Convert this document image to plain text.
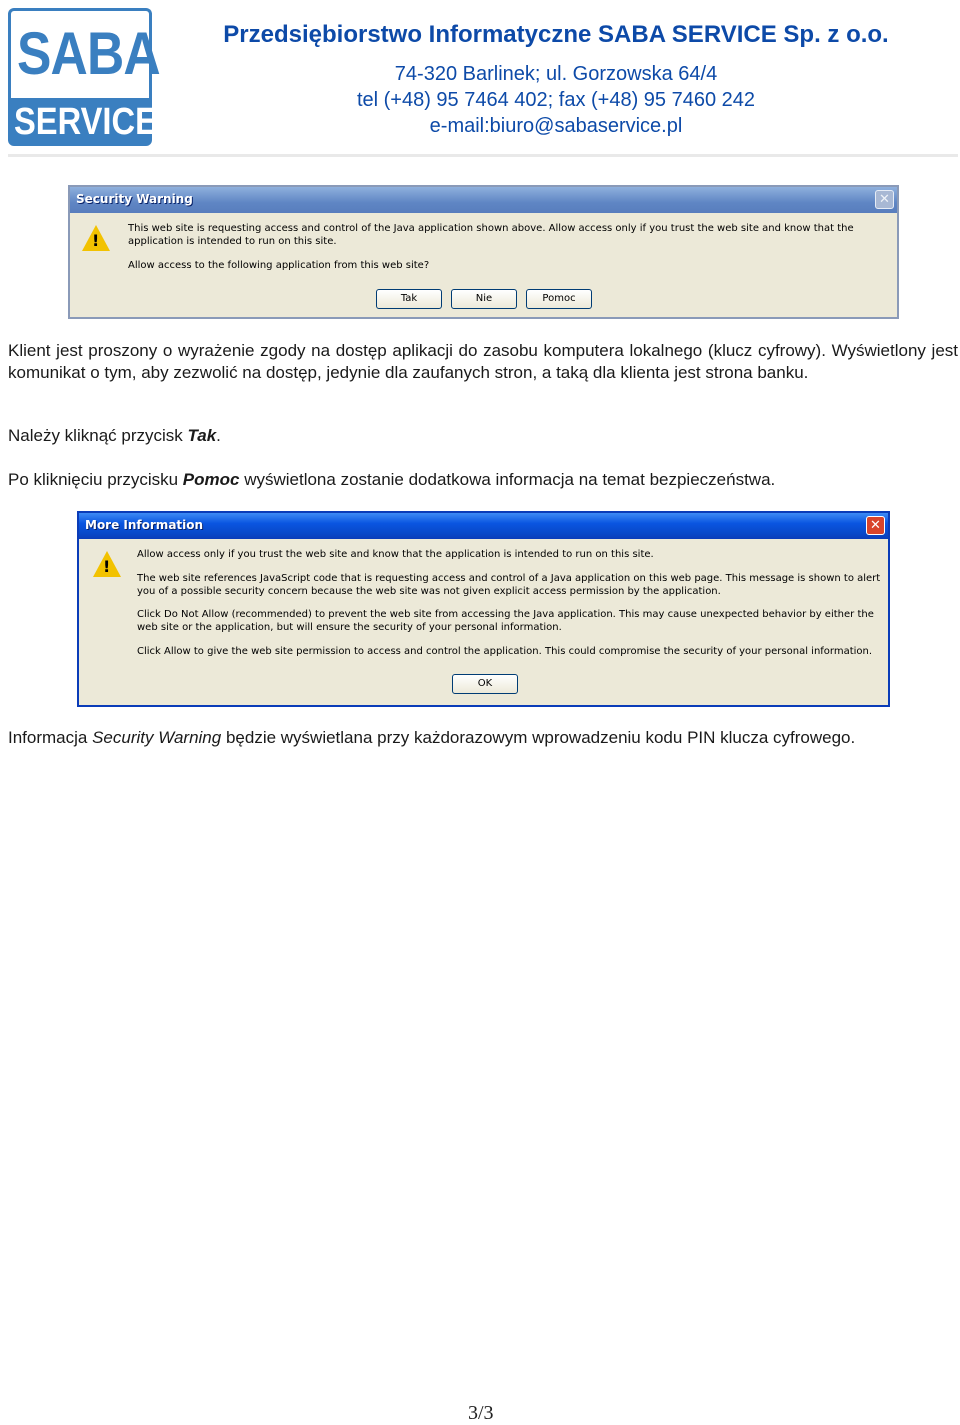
SABA
SERVICE
Przedsiębiorstwo Informatyczne SABA SERVICE Sp. z o.o.
74-320 Barlinek; ul. Gorzowska 64/4
tel (+48) 95 7464 402; fax (+48) 95 7460 242
e-mail:biuro@sabaservice.pl
Security Warning	✕
!
This web site is requesting access and control of the Java application shown above. Allow access only if you trust the web site and know that the application is intended to run on this site.
Allow access to the following application from this web site?
Tak	Nie	Pomoc
Klient jest proszony o wyrażenie zgody na dostęp aplikacji do zasobu komputera lokalnego (klucz cyfrowy). Wyświetlony jest komunikat o tym, aby zezwolić na dostęp, jedynie dla zaufanych stron, a taką dla klienta jest strona banku.
Należy kliknąć przycisk Tak.
Po kliknięciu przycisku Pomoc wyświetlona zostanie dodatkowa informacja na temat bezpieczeństwa.
More Information	✕
!
Allow access only if you trust the web site and know that the application is intended to run on this site.
The web site references JavaScript code that is requesting access and control of a Java application on this web page. This message is shown to alert you of a possible security concern because the web site was not given explicit access permission by the application.
Click Do Not Allow (recommended) to prevent the web site from accessing the Java application. This may cause unexpected behavior by either the web site or the application, but will ensure the security of your personal information.
Click Allow to give the web site permission to access and control the application. This could compromise the security of your personal information.
OK
Informacja Security Warning będzie wyświetlana przy każdorazowym wprowadzeniu kodu PIN klucza cyfrowego.
3/3
